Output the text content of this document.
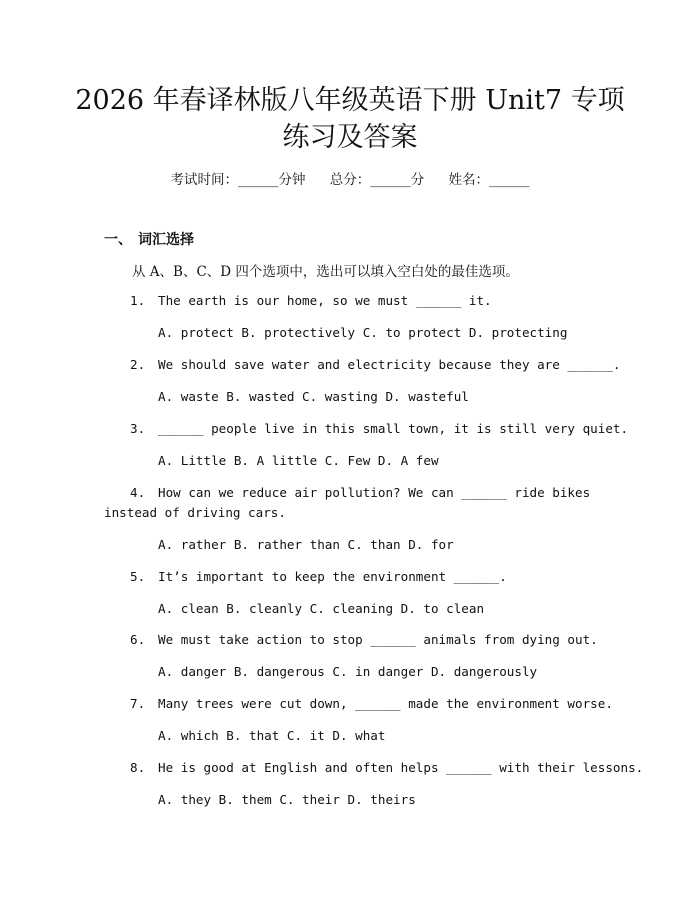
2026 年春译林版八年级英语下册 Unit7 专项
练习及答案
考试时间：______分钟 总分：______分 姓名：______
一、 词汇选择
从 A、B、C、D 四个选项中，选出可以填入空白处的最佳选项。
1. The earth is our home, so we must ______ it.
A. protect B. protectively C. to protect D. protecting
2. We should save water and electricity because they are ______.
A. waste B. wasted C. wasting D. wasteful
3. ______ people live in this small town, it is still very quiet.
A. Little B. A little C. Few D. A few
4. How can we reduce air pollution? We can ______ ride bikes
instead of driving cars.
A. rather B. rather than C. than D. for
5. It’s important to keep the environment ______.
A. clean B. cleanly C. cleaning D. to clean
6. We must take action to stop ______ animals from dying out.
A. danger B. dangerous C. in danger D. dangerously
7. Many trees were cut down, ______ made the environment worse.
A. which B. that C. it D. what
8. He is good at English and often helps ______ with their lessons.
A. they B. them C. their D. theirs
